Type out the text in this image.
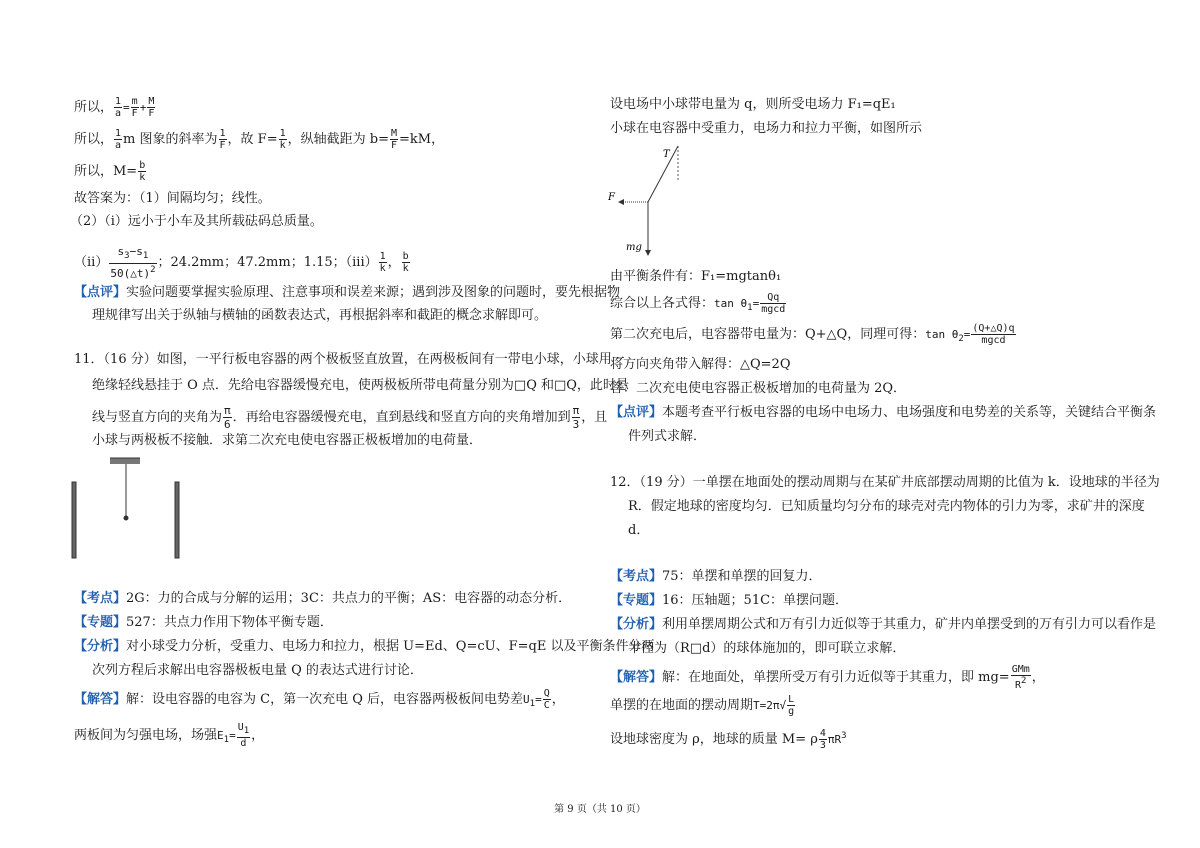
所以， $\frac{1}{a} = \frac{m}{F} + \frac{M}{F}$
所以， $\frac{1}{a}$ m 图象的斜率为 $\frac{1}{F}$ ，故 $F= \frac{1}{k}$ ，纵轴截距为 $b= \frac{M}{F} =kM$，
所以，$M= \frac{b}{k}$
故答案为：（1）间隔均匀；线性。
（2）（i）远小于小车及其所载砝码总质量。
$(ii) \frac{s_3-s_1}{50(\triangle t)^2}$ ；24.2mm；47.2mm；1.15；$(iii) \frac{1}{k}$ ， $\frac{b}{k}$
【点评】实验问题要掌握实验原理、注意事项和误差来源；遇到涉及图象的问题时，要先根据物
理规律写出关于纵轴与横轴的函数表达式，再根据斜率和截距的概念求解即可。
11．（16 分）如图，一平行板电容器的两个极板竖直放置，在两极板间有一带电小球，小球用一
绝缘轻线悬挂于 O 点．先给电容器缓慢充电，使两极板所带电荷量分别为□Q 和□Q，此时悬
线与竖直方向的夹角为 $\frac{\pi}{6}$ ．再给电容器缓慢充电，直到悬线和竖直方向的夹角增加到 $\frac{\pi}{3}$ ，且
小球与两极板不接触．求第二次充电使电容器正极板增加的电荷量．
【考点】2G：力的合成与分解的运用；3C：共点力的平衡；AS：电容器的动态分析．
【专题】527：共点力作用下物体平衡专题．
【分析】对小球受力分析，受重力、电场力和拉力，根据 U=Ed、Q=cU、F=qE 以及平衡条件分两
次列方程后求解出电容器极板电量 Q 的表达式进行讨论．
【解答】解：设电容器的电容为 C，第一次充电 Q 后，电容器两极板间电势差$U_1= \frac{Q}{C}$ ，
两板间为匀强电场，场强$E_1= \frac{U1}{d}$ ，
设电场中小球带电量为 q，则所受电场力 F₁=qE₁
小球在电容器中受重力，电场力和拉力平衡，如图所示
T
F
mg
由平衡条件有：F₁=mgtanθ₁
综合以上各式得：$\tan \theta_1= \frac{Qq}{mgcd}$
第二次充电后，电容器带电量为：Q+△Q，同理可得：$\tan \theta_2= \frac{(Q+\triangle Q)q}{mgcd}$
将方向夹角带入解得：△Q=2Q
答：二次充电使电容器正极板增加的电荷量为 2Q．
【点评】本题考查平行板电容器的电场中电场力、电场强度和电势差的关系等，关键结合平衡条
件列式求解．
12．（19 分）一单摆在地面处的摆动周期与在某矿井底部摆动周期的比值为 k．设地球的半径为
R．假定地球的密度均匀．已知质量均匀分布的球壳对壳内物体的引力为零，求矿井的深度
d．
【考点】75：单摆和单摆的回复力．
【专题】16：压轴题；51C：单摆问题．
【分析】利用单摆周期公式和万有引力近似等于其重力，矿井内单摆受到的万有引力可以看作是
半径为（R□d）的球体施加的，即可联立求解．
【解答】解：在地面处，单摆所受万有引力近似等于其重力，即 $mg= \frac{\text{GMm}}{R2}$ ，
单摆的在地面的摆动周期$T=2\pi√ \frac{L}{g}$
设地球密度为 ρ，地球的质量 M= ρ $\frac{4}{3} \pi R^3$
第 9 页（共 10 页）
